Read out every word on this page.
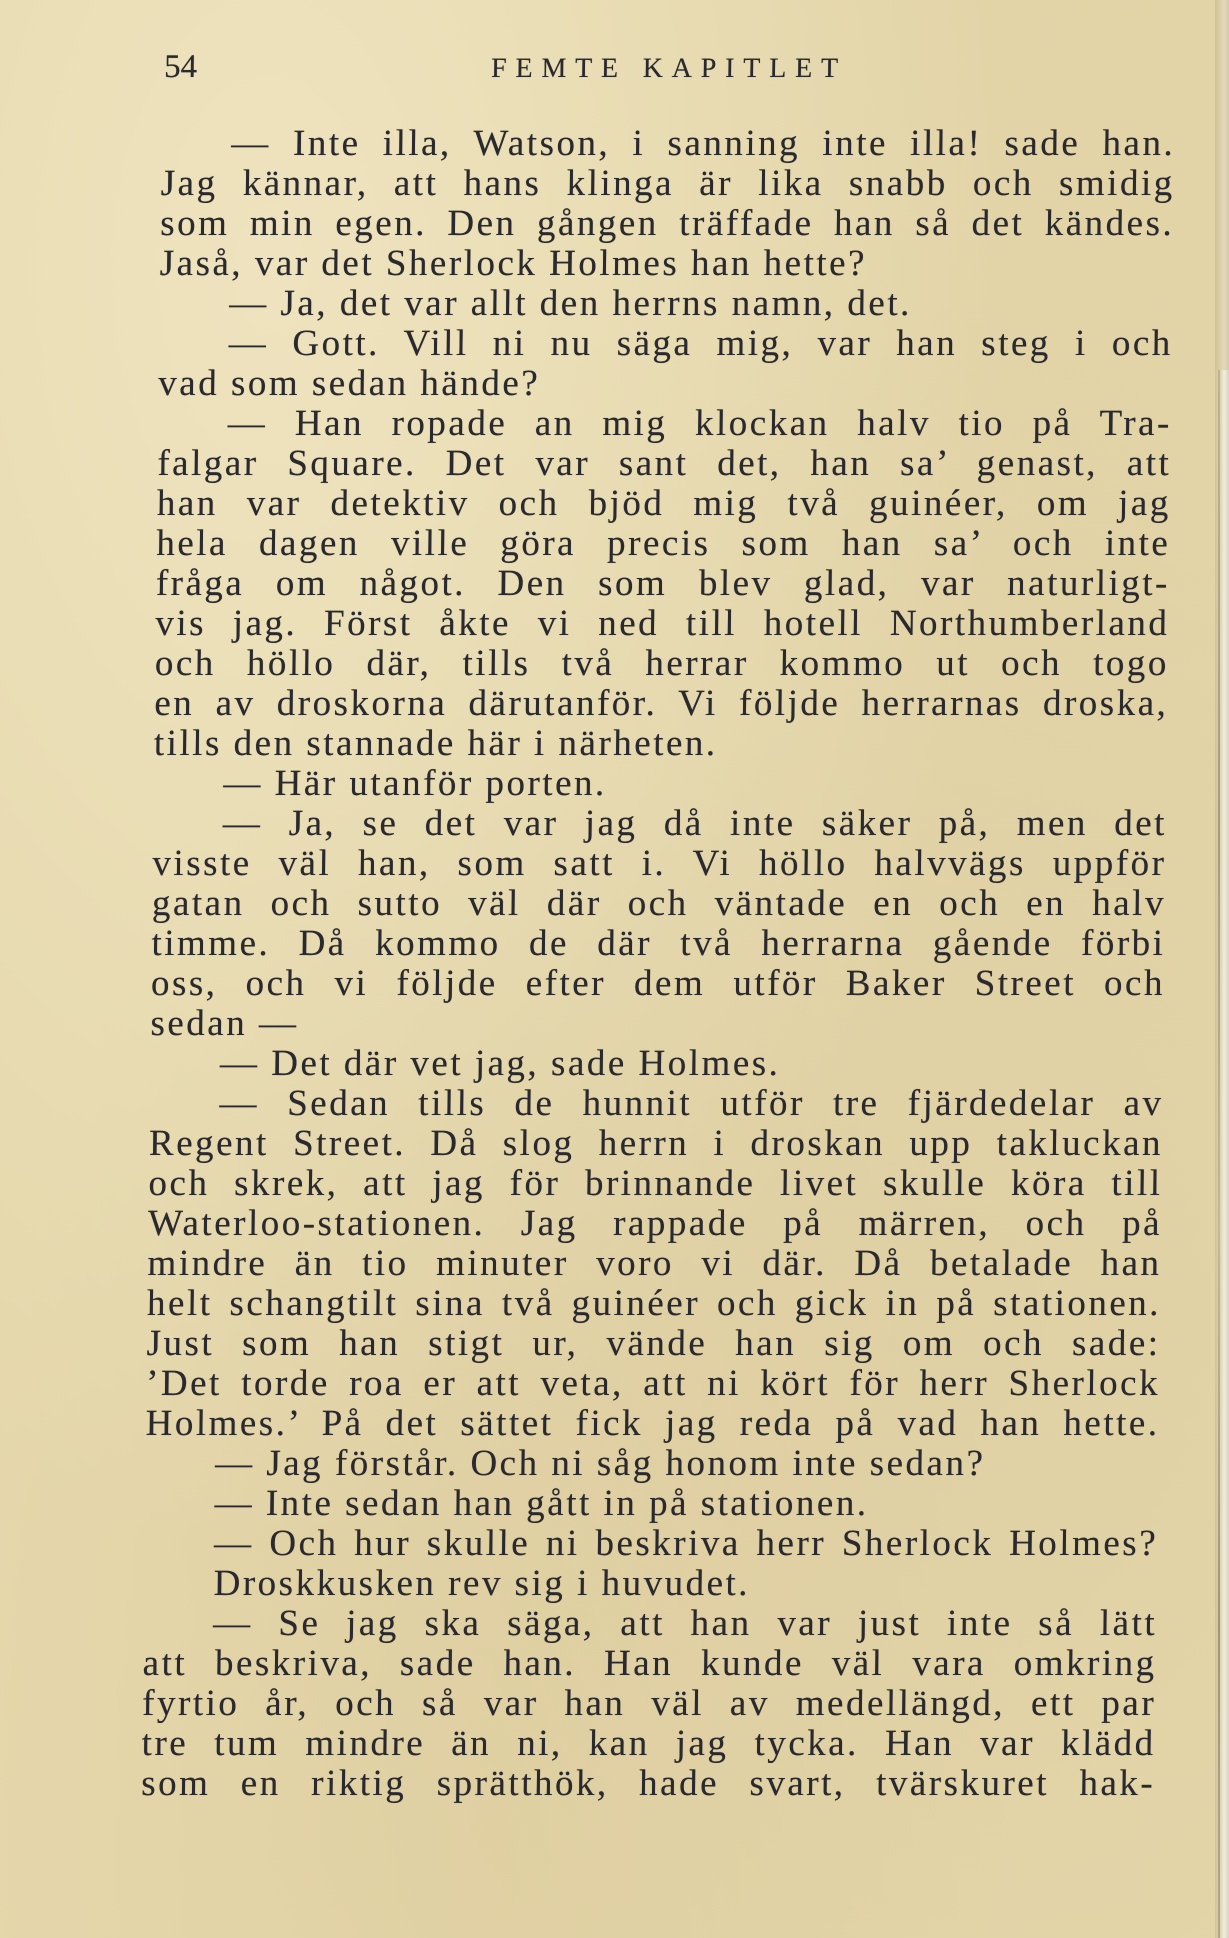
54	FEMTE KAPITLET
— Inte illa, Watson, i sanning inte illa! sade han.
Jag kännar, att hans klinga är lika snabb och smidig
som min egen. Den gången träffade han så det kändes.
Jaså, var det Sherlock Holmes han hette?
— Ja, det var allt den herrns namn, det.
— Gott. Vill ni nu säga mig, var han steg i och
vad som sedan hände?
— Han ropade an mig klockan halv tio på Tra-
falgar Square. Det var sant det, han sa’ genast, att
han var detektiv och bjöd mig två guinéer, om jag
hela dagen ville göra precis som han sa’ och inte
fråga om något. Den som blev glad, var naturligt-
vis jag. Först åkte vi ned till hotell Northumberland
och höllo där, tills två herrar kommo ut och togo
en av droskorna därutanför. Vi följde herrarnas droska,
tills den stannade här i närheten.
— Här utanför porten.
— Ja, se det var jag då inte säker på, men det
visste väl han, som satt i. Vi höllo halvvägs uppför
gatan och sutto väl där och väntade en och en halv
timme. Då kommo de där två herrarna gående förbi
oss, och vi följde efter dem utför Baker Street och
sedan —
— Det där vet jag, sade Holmes.
— Sedan tills de hunnit utför tre fjärdedelar av
Regent Street. Då slog herrn i droskan upp takluckan
och skrek, att jag för brinnande livet skulle köra till
Waterloo-stationen. Jag rappade på märren, och på
mindre än tio minuter voro vi där. Då betalade han
helt schangtilt sina två guinéer och gick in på stationen.
Just som han stigt ur, vände han sig om och sade:
’Det torde roa er att veta, att ni kört för herr Sherlock
Holmes.’ På det sättet fick jag reda på vad han hette.
— Jag förstår. Och ni såg honom inte sedan?
— Inte sedan han gått in på stationen.
— Och hur skulle ni beskriva herr Sherlock Holmes?
Droskkusken rev sig i huvudet.
— Se jag ska säga, att han var just inte så lätt
att beskriva, sade han. Han kunde väl vara omkring
fyrtio år, och så var han väl av medellängd, ett par
tre tum mindre än ni, kan jag tycka. Han var klädd
som en riktig sprätthök, hade svart, tvärskuret hak-
